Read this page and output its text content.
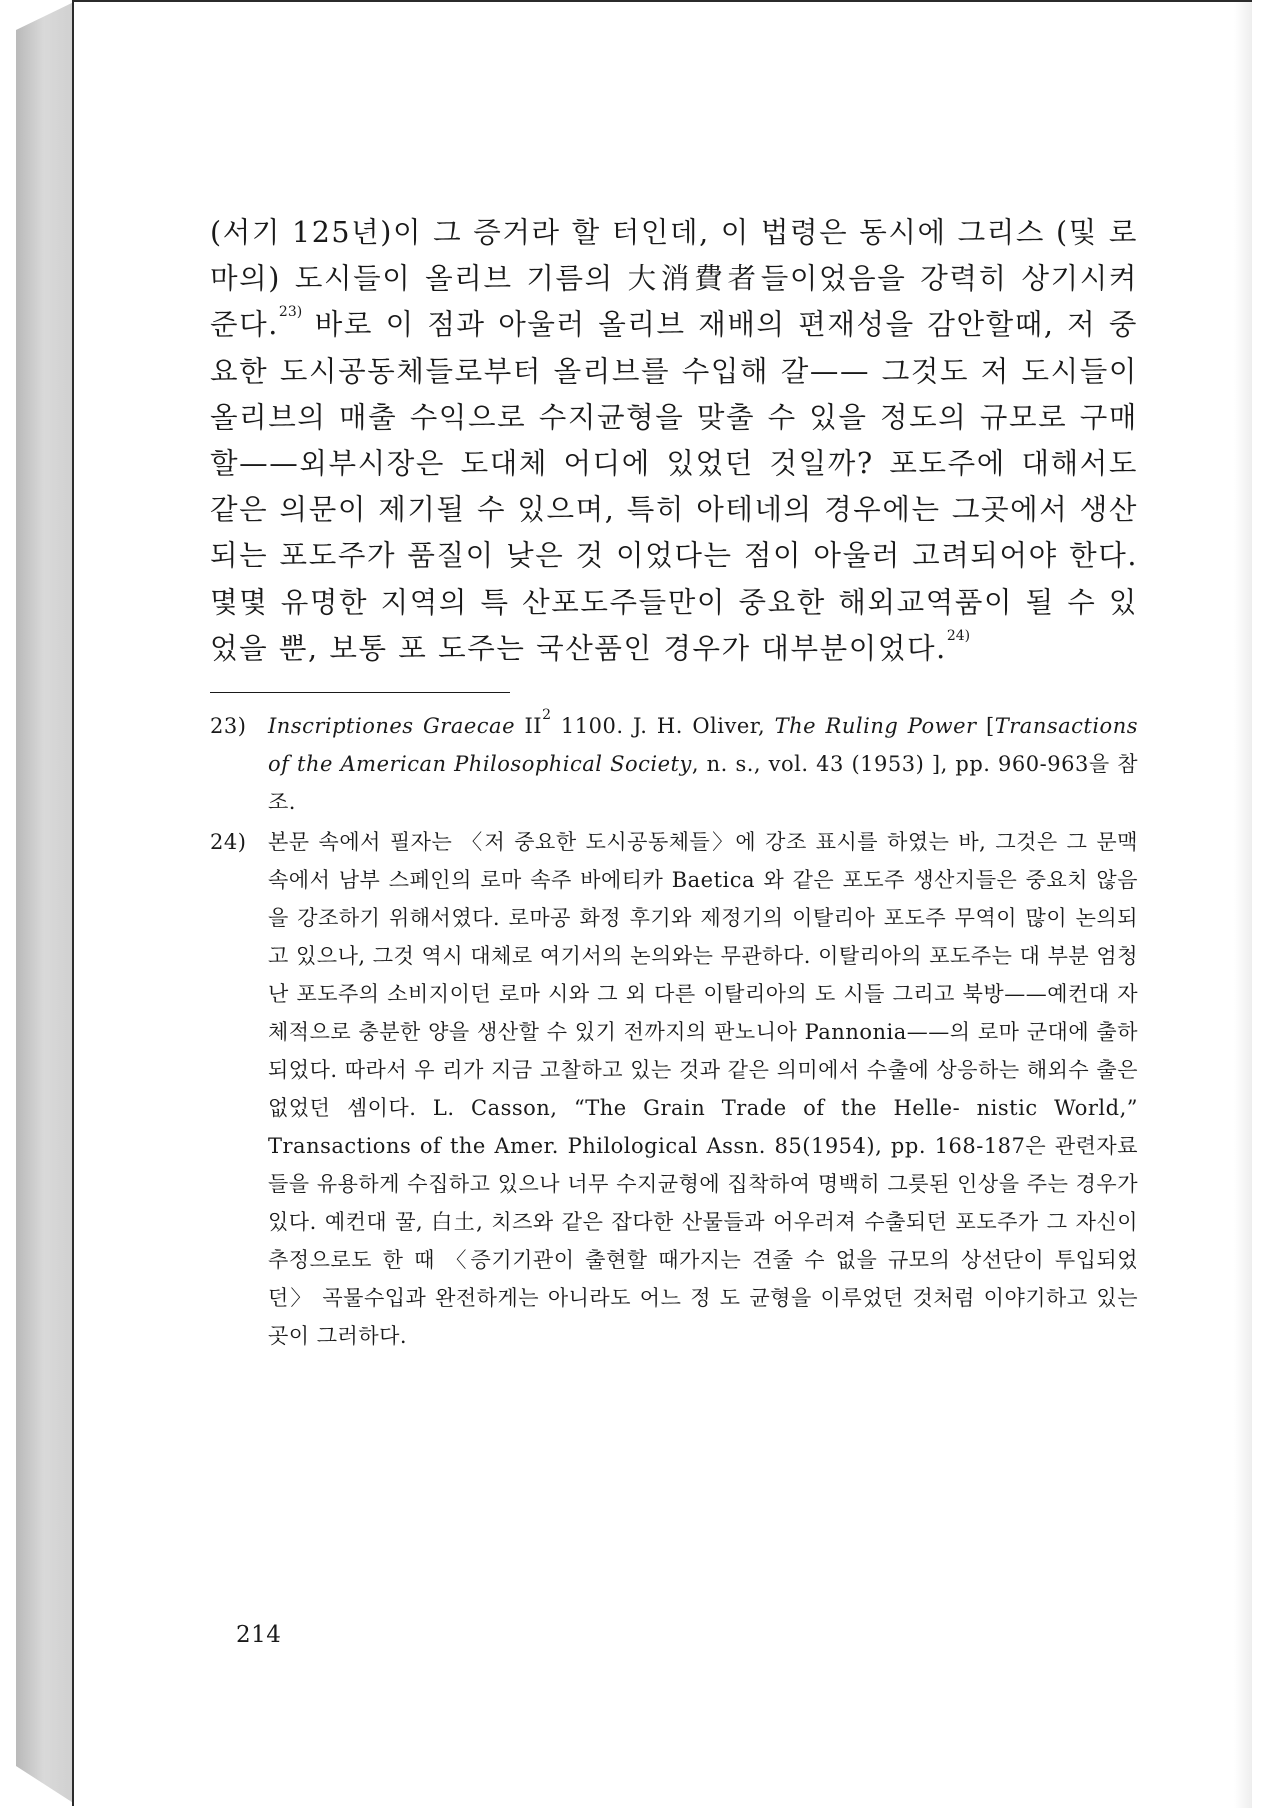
(서기 125년)이 그 증거라 할 터인데, 이 법령은 동시에 그리스 (및 로마의) 도시들이 올리브 기름의 大消費者들이었음을 강력히 상기시켜 준다.$^{23)}$ 바로 이 점과 아울러 올리브 재배의 편재성을 감안할때, 저 중요한 도시공동체들로부터 올리브를 수입해 갈—— 그것도 저 도시들이 올리브의 매출 수익으로 수지균형을 맞출 수 있을 정도의 규모로 구매할——외부시장은 도대체 어디에 있었던 것일까? 포도주에 대해서도 같은 의문이 제기될 수 있으며, 특히 아테네의 경우에는 그곳에서 생산되는 포도주가 품질이 낮은 것 이었다는 점이 아울러 고려되어야 한다. 몇몇 유명한 지역의 특 산포도주들만이 중요한 해외교역품이 될 수 있었을 뿐, 보통 포 도주는 국산품인 경우가 대부분이었다.$^{24)}$

23)	Inscriptiones Graecae $II^2$ 1100. J. H. Oliver, The Ruling Power [Transactions of the American Philosophical Society, n. s., vol. 43 (1953) ], pp. 960-963을 참조.
24)	본문 속에서 필자는 〈저 중요한 도시공동체들〉에 강조 표시를 하였는 바, 그것은 그 문맥 속에서 남부 스페인의 로마 속주 바에티카 Baetica 와 같은 포도주 생산지들은 중요치 않음을 강조하기 위해서였다. 로마공 화정 후기와 제정기의 이탈리아 포도주 무역이 많이 논의되고 있으나, 그것 역시 대체로 여기서의 논의와는 무관하다. 이탈리아의 포도주는 대 부분 엄청난 포도주의 소비지이던 로마 시와 그 외 다른 이탈리아의 도 시들 그리고 북방——예컨대 자체적으로 충분한 양을 생산할 수 있기 전까지의 판노니아 Pannonia——의 로마 군대에 출하되었다. 따라서 우 리가 지금 고찰하고 있는 것과 같은 의미에서 수출에 상응하는 해외수 출은 없었던 셈이다. L. Casson, “The Grain Trade of the Helle- nistic World,” Transactions of the Amer. Philological Assn. 85(1954), pp. 168-187은 관련자료들을 유용하게 수집하고 있으나 너무 수지균형에 집착하여 명백히 그릇된 인상을 주는 경우가 있다. 예컨대 꿀, 白土, 치즈와 같은 잡다한 산물들과 어우러져 수출되던 포도주가 그 자신이 추정으로도 한 때 〈증기기관이 출현할 때가지는 견줄 수 없을 규모의 상선단이 투입되었던〉 곡물수입과 완전하게는 아니라도 어느 정 도 균형을 이루었던 것처럼 이야기하고 있는 곳이 그러하다.
214
